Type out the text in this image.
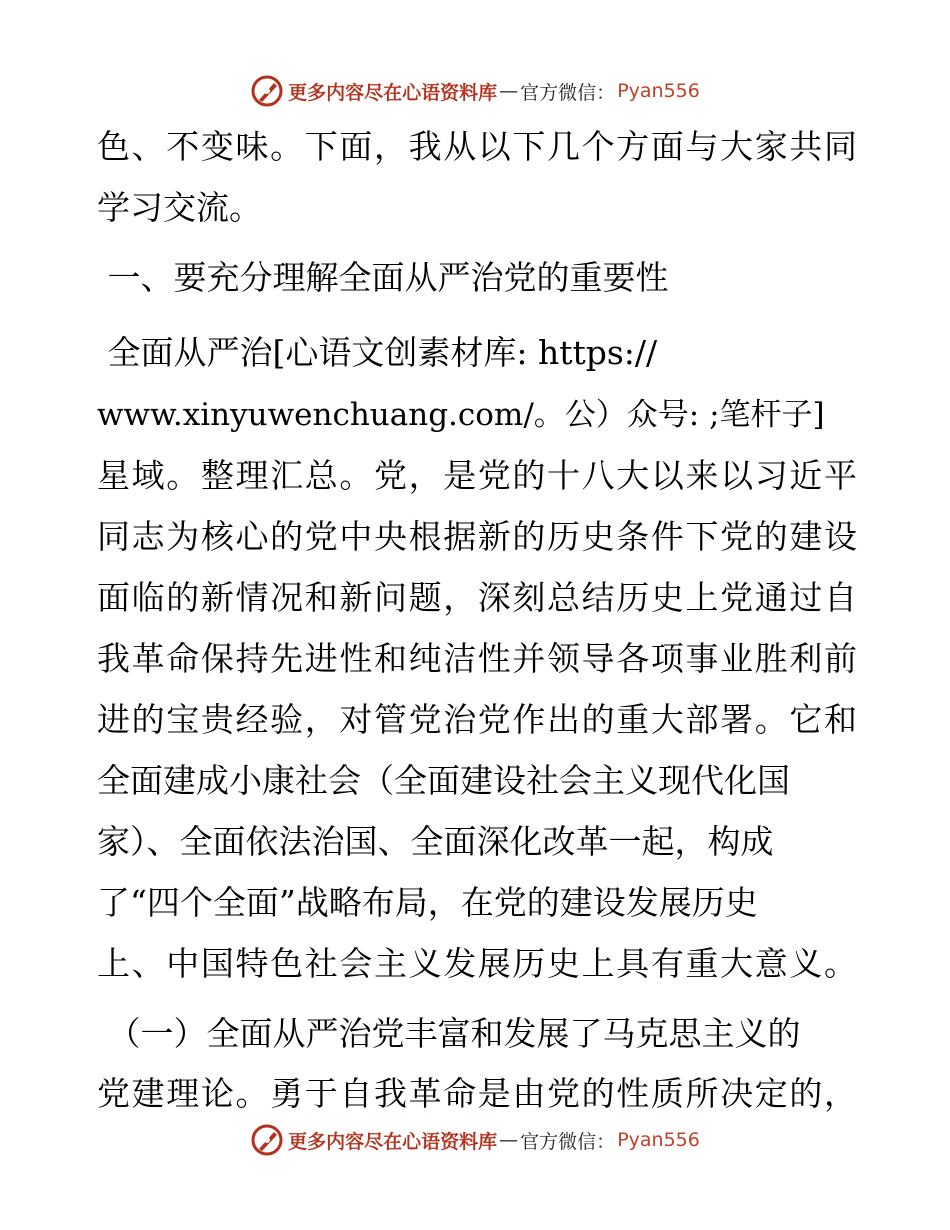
更多内容尽在心语资料库 — 官方微信： Pyan556
色、不变味。下面，我从以下几个方面与大家共同
学习交流。
一、要充分理解全面从严治党的重要性
全面从严治[心语文创素材库: https://
www.xinyuwenchuang.com/。公）众号: ;笔杆子]
星域。整理汇总。党，是党的十八大以来以习近平
同志为核心的党中央根据新的历史条件下党的建设
面临的新情况和新问题，深刻总结历史上党通过自
我革命保持先进性和纯洁性并领导各项事业胜利前
进的宝贵经验，对管党治党作出的重大部署。它和
全面建成小康社会（全面建设社会主义现代化国
家）、全面依法治国、全面深化改革一起，构成
了“四个全面”战略布局，在党的建设发展历史
上、中国特色社会主义发展历史上具有重大意义。
（一）全面从严治党丰富和发展了马克思主义的
党建理论。勇于自我革命是由党的性质所决定的，
更多内容尽在心语资料库 — 官方微信： Pyan556
